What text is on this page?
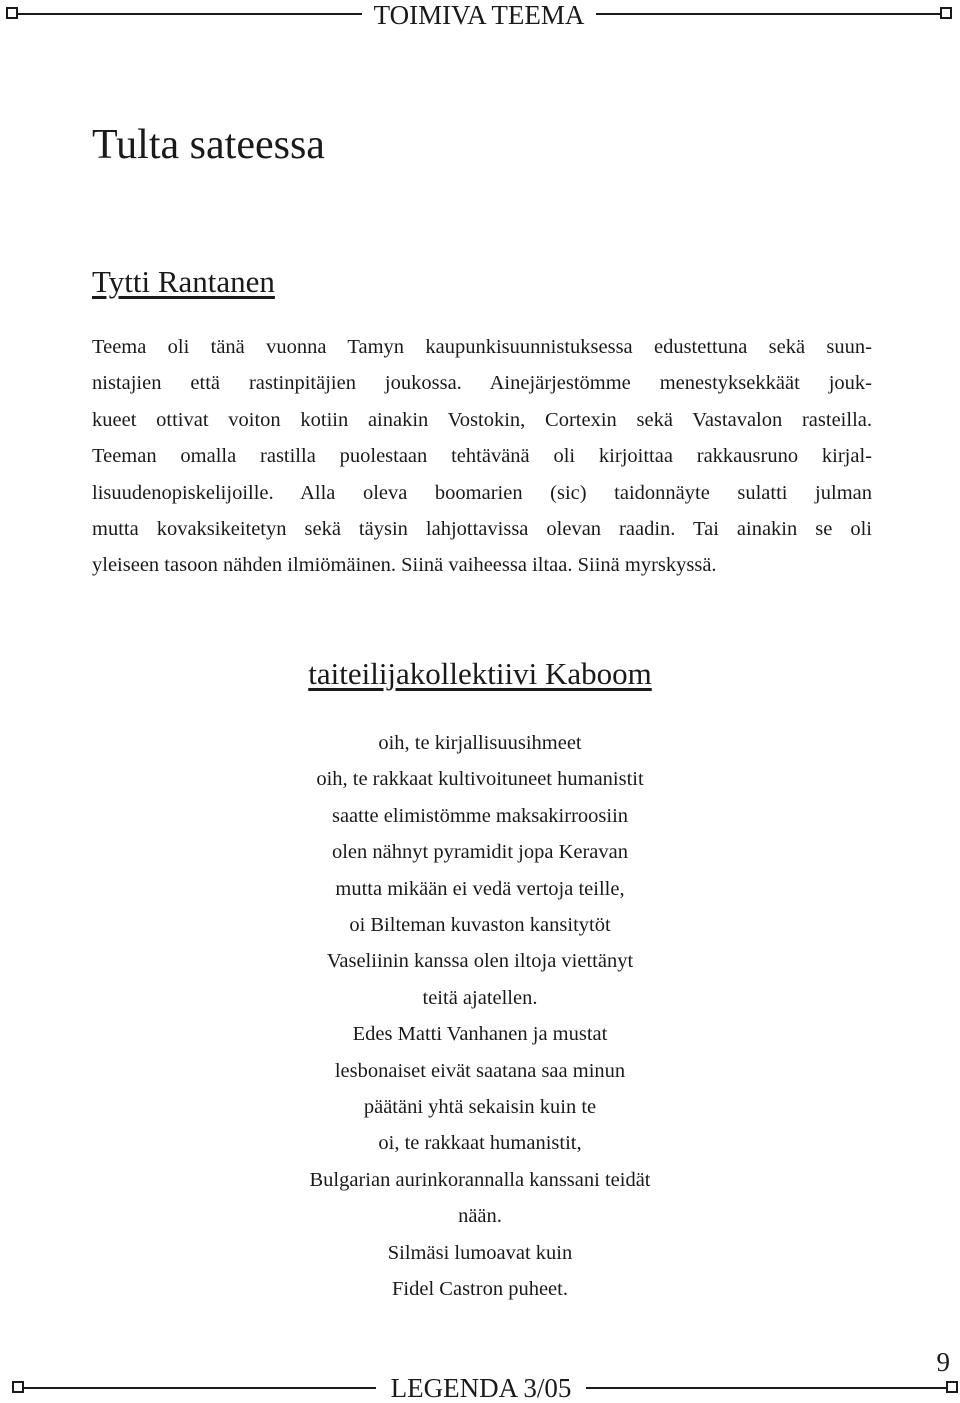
TOIMIVA TEEMA
Tulta sateessa
Tytti Rantanen

Teema oli tänä vuonna Tamyn kaupunkisuunnistuksessa edustettuna sekä suun-
nistajien että rastinpitäjien joukossa. Ainejärjestömme menestyksekkäät jouk-
kueet ottivat voiton kotiin ainakin Vostokin, Cortexin sekä Vastavalon rasteilla.
Teeman omalla rastilla puolestaan tehtävänä oli kirjoittaa rakkausruno kirjal-
lisuudenopiskelijoille. Alla oleva boomarien (sic) taidonnäyte sulatti julman
mutta kovaksikeitetyn sekä täysin lahjottavissa olevan raadin. Tai ainakin se oli
yleiseen tasoon nähden ilmiömäinen. Siinä vaiheessa iltaa. Siinä myrskyssä.

taiteilijakollektiivi Kaboom
oih, te kirjallisuusihmeet
oih, te rakkaat kultivoituneet humanistit
saatte elimistömme maksakirroosiin
olen nähnyt pyramidit jopa Keravan
mutta mikään ei vedä vertoja teille,
oi Bilteman kuvaston kansitytöt
Vaseliinin kanssa olen iltoja viettänyt
teitä ajatellen.
Edes Matti Vanhanen ja mustat
lesbonaiset eivät saatana saa minun
päätäni yhtä sekaisin kuin te
oi, te rakkaat humanistit,
Bulgarian aurinkorannalla kanssani teidät
nään.
Silmäsi lumoavat kuin
Fidel Castron puheet.
9
LEGENDA 3/05
